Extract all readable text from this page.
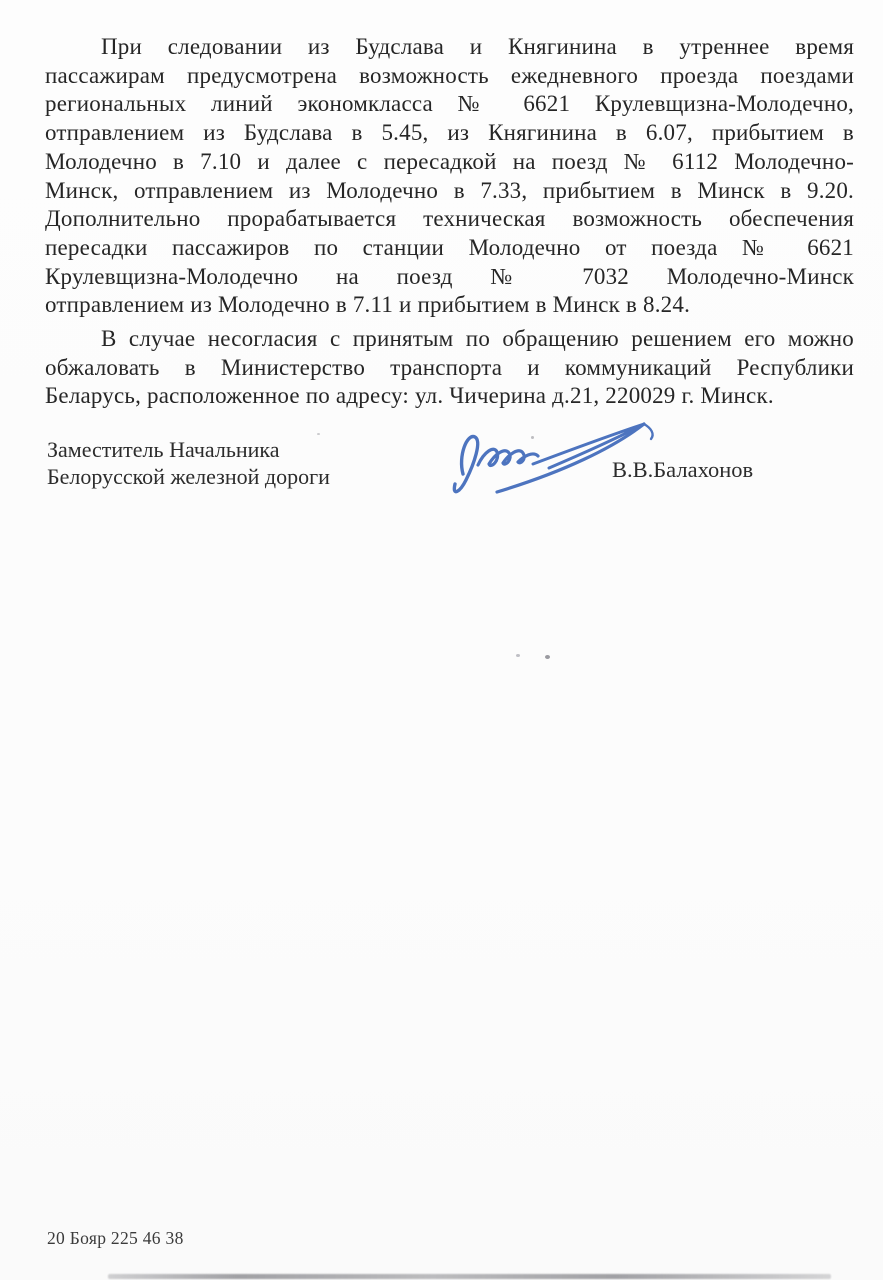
При следовании из Будслава и Княгинина в утреннее время
пассажирам предусмотрена возможность ежедневного проезда поездами
региональных линий экономкласса № 6621 Крулевщизна-Молодечно,
отправлением из Будслава в 5.45, из Княгинина в 6.07, прибытием в
Молодечно в 7.10 и далее с пересадкой на поезд № 6112 Молодечно-
Минск, отправлением из Молодечно в 7.33, прибытием в Минск в 9.20.
Дополнительно прорабатывается техническая возможность обеспечения
пересадки пассажиров по станции Молодечно от поезда № 6621
Крулевщизна-Молодечно на поезд № 7032 Молодечно-Минск
отправлением из Молодечно в 7.11 и прибытием в Минск в 8.24.
В случае несогласия с принятым по обращению решением его можно
обжаловать в Министерство транспорта и коммуникаций Республики
Беларусь, расположенное по адресу: ул. Чичерина д.21, 220029 г. Минск.
Заместитель Начальника
Белорусской железной дороги	В.В.Балахонов
20 Бояр 225 46 38
